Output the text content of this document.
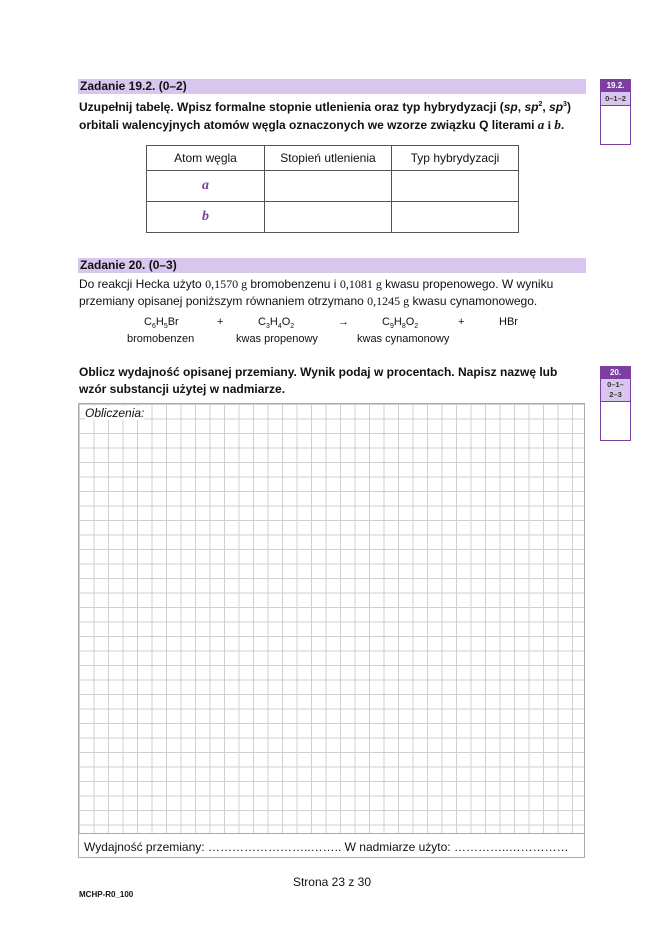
Zadanie 19.2. (0–2)
Uzupełnij tabelę. Wpisz formalne stopnie utlenienia oraz typ hybrydyzacji (sp, $sp^2$, $sp^3$)
orbitali walencyjnych atomów węgla oznaczonych we wzorze związku Q literami a i b.
19.2.
0–1–2
Atom węgla	Stopień utlenienia	Typ hybrydyzacji
a		
b		
Zadanie 20. (0–3)
Do reakcji Hecka użyto 0,1570 g bromobenzenu i 0,1081 g kwasu propenowego. W wyniku
przemiany opisanej poniższym równaniem otrzymano 0,1245 g kwasu cynamonowego.
$C_6H_5Br$	+	$C_3H_4O_2$	→	$C_9H_8O_2$	+	HBr
bromobenzen	kwas propenowy	kwas cynamonowy
Oblicz wydajność opisanej przemiany. Wynik podaj w procentach. Napisz nazwę lub
wzór substancji użytej w nadmiarze.
20.
0–1–
2–3
Obliczenia:
Wydajność przemiany: ……………………..…….. W nadmiarze użyto: …………..……………
Strona 23 z 30
MCHP-R0_100
